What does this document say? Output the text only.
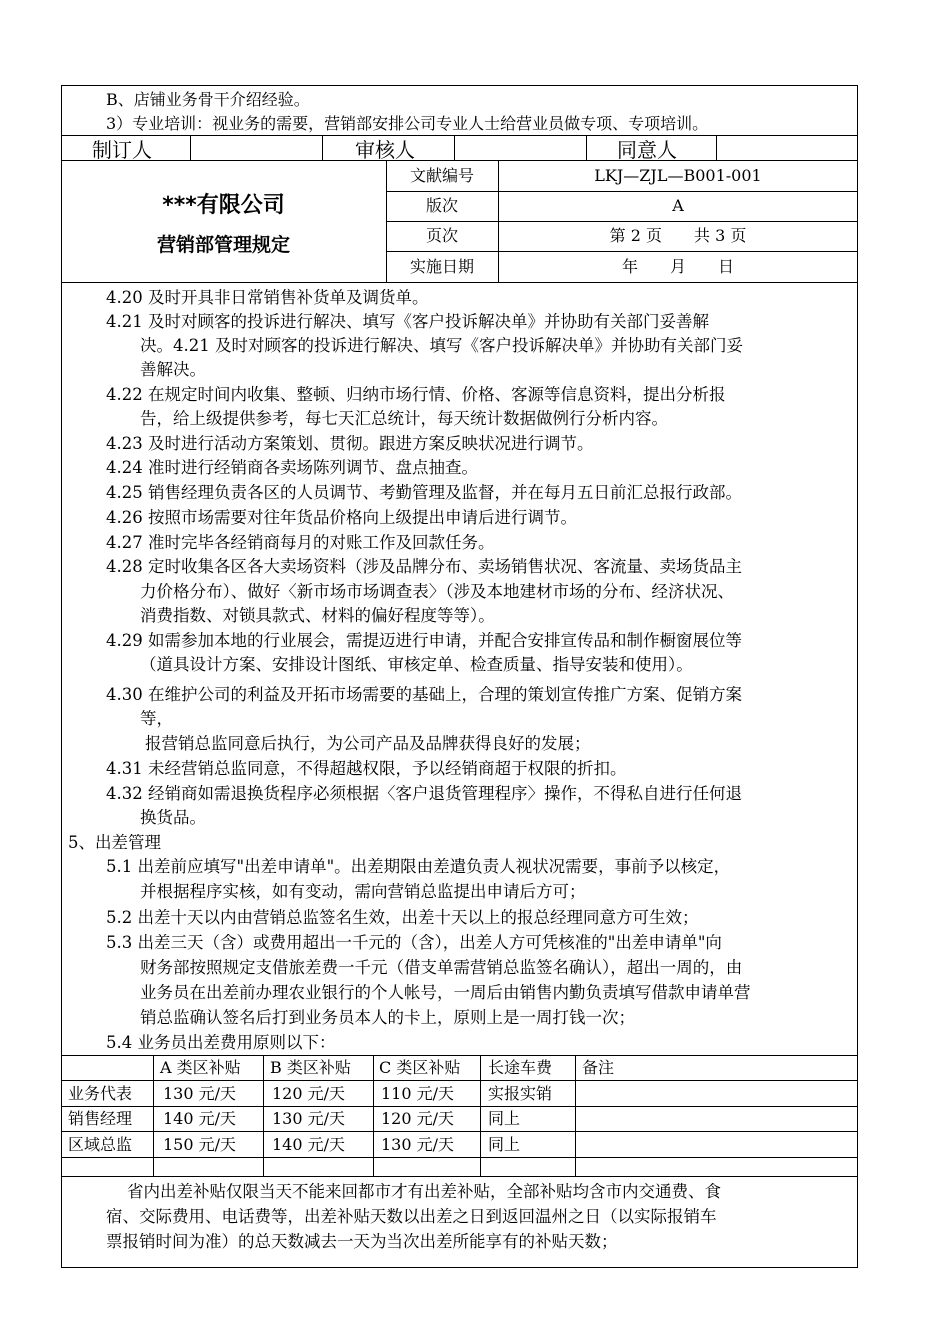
B、店铺业务骨干介绍经验。
3）专业培训：视业务的需要，营销部安排公司专业人士给营业员做专项、专项培训。
制订人	审核人	同意人
***有限公司
营销部管理规定
文献编号	LKJ—ZJL—B001-001
版次	A
页次	第 2 页　　共 3 页
实施日期	年　　月　　日
4.20 及时开具非日常销售补货单及调货单。
4.21 及时对顾客的投诉进行解决、填写《客户投诉解决单》并协助有关部门妥善解
决。4.21 及时对顾客的投诉进行解决、填写《客户投诉解决单》并协助有关部门妥
善解决。
4.22 在规定时间内收集、整顿、归纳市场行情、价格、客源等信息资料，提出分析报
告，给上级提供参考，每七天汇总统计，每天统计数据做例行分析内容。
4.23 及时进行活动方案策划、贯彻。跟进方案反映状况进行调节。
4.24 准时进行经销商各卖场陈列调节、盘点抽查。
4.25 销售经理负责各区的人员调节、考勤管理及监督，并在每月五日前汇总报行政部。
4.26 按照市场需要对往年货品价格向上级提出申请后进行调节。
4.27 准时完毕各经销商每月的对账工作及回款任务。
4.28 定时收集各区各大卖场资料（涉及品牌分布、卖场销售状况、客流量、卖场货品主
力价格分布）、做好〈新市场市场调查表〉（涉及本地建材市场的分布、经济状况、
消费指数、对锁具款式、材料的偏好程度等等）。
4.29 如需参加本地的行业展会，需提迈进行申请，并配合安排宣传品和制作橱窗展位等
（道具设计方案、安排设计图纸、审核定单、检查质量、指导安装和使用）。
4.30 在维护公司的利益及开拓市场需要的基础上，合理的策划宣传推广方案、促销方案
等，
报营销总监同意后执行，为公司产品及品牌获得良好的发展；
4.31 未经营销总监同意，不得超越权限，予以经销商超于权限的折扣。
4.32 经销商如需退换货程序必须根据〈客户退货管理程序〉操作，不得私自进行任何退
换货品。
5、出差管理
5.1 出差前应填写"出差申请单"。出差期限由差遣负责人视状况需要，事前予以核定，
并根据程序实核，如有变动，需向营销总监提出申请后方可；
5.2 出差十天以内由营销总监签名生效，出差十天以上的报总经理同意方可生效；
5.3 出差三天（含）或费用超出一千元的（含），出差人方可凭核准的"出差申请单"向
财务部按照规定支借旅差费一千元（借支单需营销总监签名确认），超出一周的，由
业务员在出差前办理农业银行的个人帐号，一周后由销售内勤负责填写借款申请单营
销总监确认签名后打到业务员本人的卡上，原则上是一周打钱一次；
5.4 业务员出差费用原则以下：
A 类区补贴 B 类区补贴 C 类区补贴 长途车费 备注
业务代表 130 元/天 120 元/天 110 元/天 实报实销
销售经理 140 元/天 130 元/天 120 元/天 同上
区域总监 150 元/天 140 元/天 130 元/天 同上
省内出差补贴仅限当天不能来回都市才有出差补贴，全部补贴均含市内交通费、食
宿、交际费用、电话费等，出差补贴天数以出差之日到返回温州之日（以实际报销车
票报销时间为准）的总天数减去一天为当次出差所能享有的补贴天数；
